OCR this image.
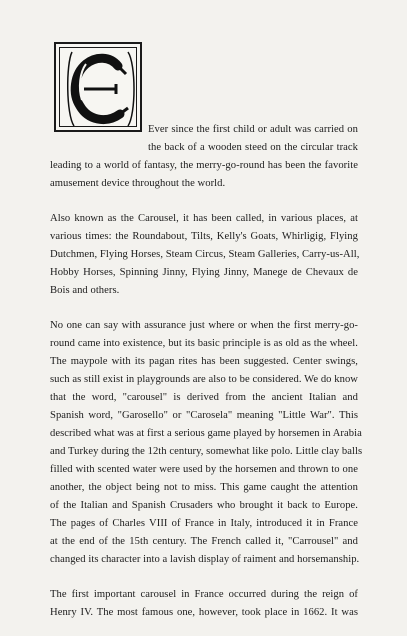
Ever since the first child or adult was carried on
the back of a wooden steed on the circular track
leading to a world of fantasy, the merry-go-round has been the favorite
amusement device throughout the world.
Also known as the Carousel, it has been called, in various places, at
various times: the Roundabout, Tilts, Kelly's Goats, Whirligig, Flying
Dutchmen, Flying Horses, Steam Circus, Steam Galleries, Carry-us-All,
Hobby Horses, Spinning Jinny, Flying Jinny, Manege de Chevaux de
Bois and others.
No one can say with assurance just where or when the first merry-go-
round came into existence, but its basic principle is as old as the wheel.
The maypole with its pagan rites has been suggested. Center swings,
such as still exist in playgrounds are also to be considered. We do know
that the word, "carousel" is derived from the ancient Italian and
Spanish word, "Garosello" or "Carosela" meaning "Little War". This
described what was at first a serious game played by horsemen in Arabia
and Turkey during the 12th century, somewhat like polo. Little clay balls
filled with scented water were used by the horsemen and thrown to one
another, the object being not to miss. This game caught the attention
of the Italian and Spanish Crusaders who brought it back to Europe.
The pages of Charles VIII of France in Italy, introduced it in France
at the end of the 15th century. The French called it, "Carrousel" and
changed its character into a lavish display of raiment and horsemanship.
The first important carousel in France occurred during the reign of
Henry IV. The most famous one, however, took place in 1662. It was
